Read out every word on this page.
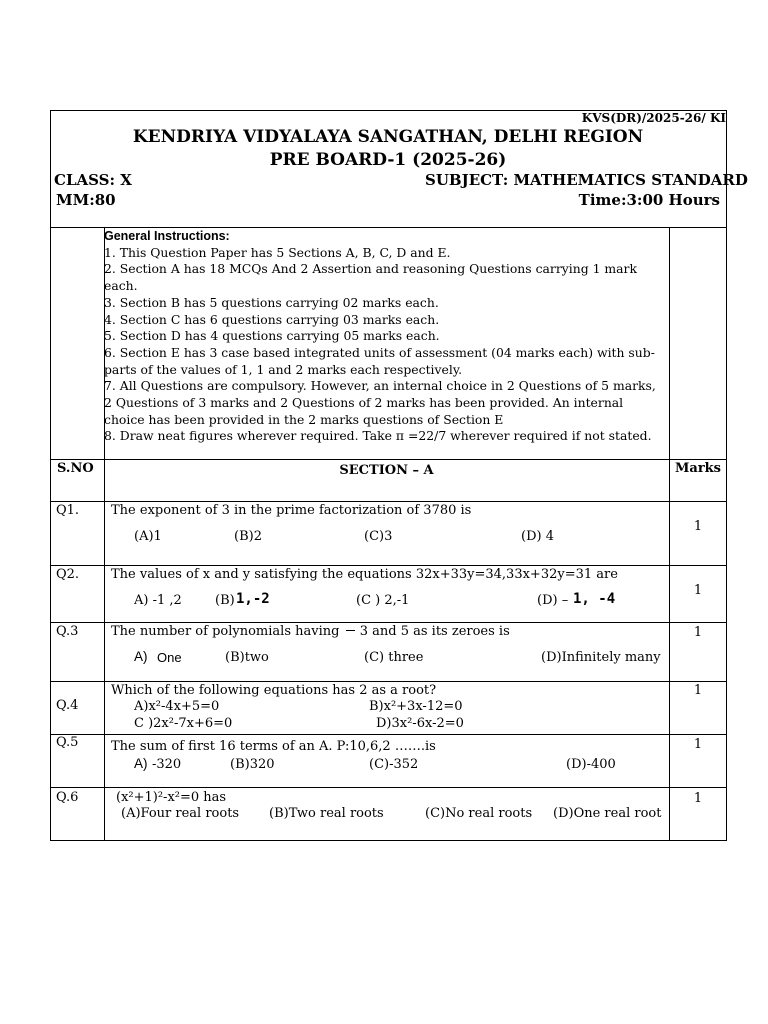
KVS(DR)/2025-26/ KI
KENDRIYA VIDYALAYA SANGATHAN, DELHI REGION
PRE BOARD-1 (2025-26)
CLASS: X	SUBJECT: MATHEMATICS STANDARD
MM:80	Time:3:00 Hours
General Instructions:
1. This Question Paper has 5 Sections A, B, C, D and E.
2. Section A has 18 MCQs And 2 Assertion and reasoning Questions carrying 1 mark
each.
3. Section B has 5 questions carrying 02 marks each.
4. Section C has 6 questions carrying 03 marks each.
5. Section D has 4 questions carrying 05 marks each.
6. Section E has 3 case based integrated units of assessment (04 marks each) with sub-
parts of the values of 1, 1 and 2 marks each respectively.
7. All Questions are compulsory. However, an internal choice in 2 Questions of 5 marks,
2 Questions of 3 marks and 2 Questions of 2 marks has been provided. An internal
choice has been provided in the 2 marks questions of Section E
8. Draw neat figures wherever required. Take π =22/7 wherever required if not stated.
S.NO	SECTION – A	Marks
Q1. The exponent of 3 in the prime factorization of 3780 is
(A)1	(B)2	(C)3	(D) 4
1
Q2. The values of x and y satisfying the equations 32x+33y=34,33x+32y=31 are
A) -1 ,2	(B) 1,-2	(C ) 2,-1	(D) – 1, -4
1
Q.3	The number of polynomials having
3 and 5 as its zeroes is
A) One	(B)two	(C) three	(D)Infinitely many
1
Which of the following equations has 2 as a root?
Q.4	A)x²-4x+5=0	B)x²+3x-12=0
C )2x²-7x+6=0	D)3x²-6x-2=0
1
Q.5	The sum of first 16 terms of an A. P:10,6,2 …….is
A) -320	(B)320	(C)-352	(D)-400
1
Q.6	(x²+1)²-x²=0 has
(A)Four real roots (B)Two real roots	(C)No real roots (D)One real root
1
